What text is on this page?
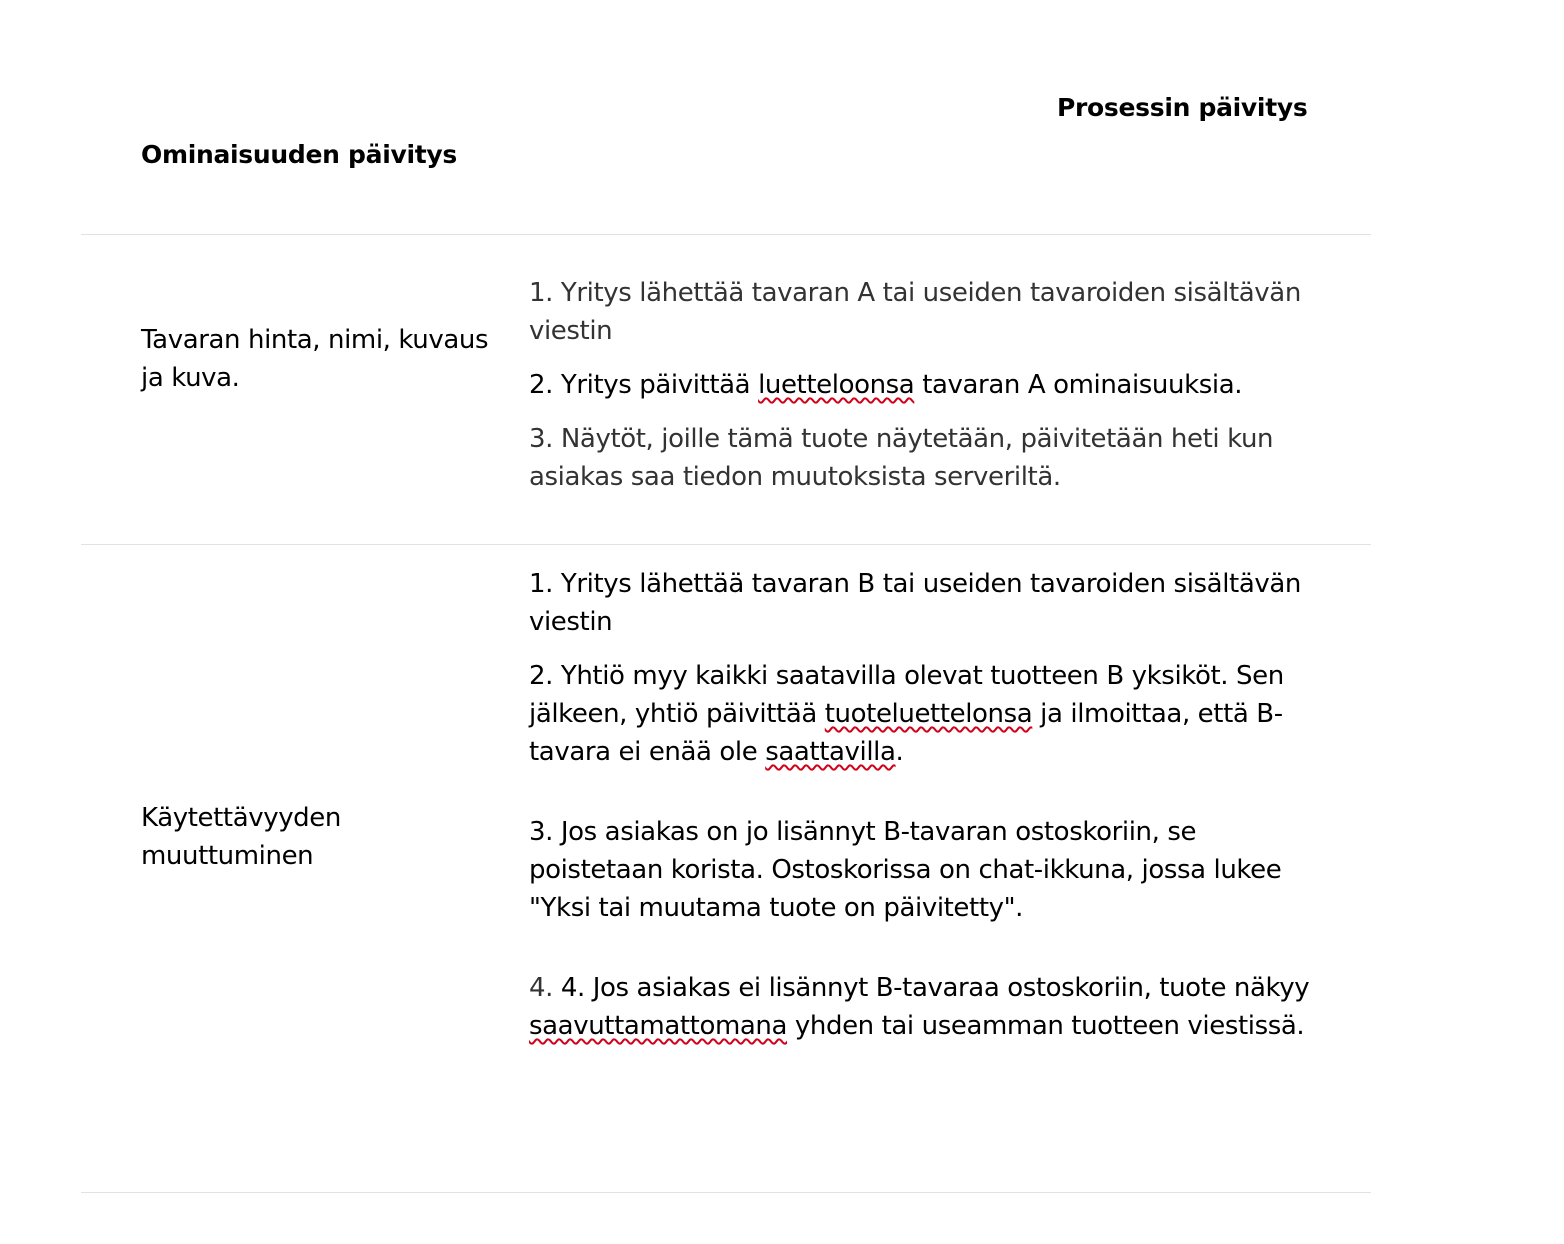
Prosessin päivitys
Ominaisuuden päivitys
Tavaran hinta, nimi, kuvaus ja kuva.

1. Yritys lähettää tavaran A tai useiden tavaroiden sisältävän viestin

2. Yritys päivittää luetteloonsa tavaran A ominaisuuksia.

3. Näytöt, joille tämä tuote näytetään, päivitetään heti kun asiakas saa tiedon muutoksista serveriltä.

Käytettävyyden muuttuminen

1. Yritys lähettää tavaran B tai useiden tavaroiden sisältävän viestin

2. Yhtiö myy kaikki saatavilla olevat tuotteen B yksiköt. Sen jälkeen, yhtiö päivittää tuoteluettelonsa ja ilmoittaa, että B-tavara ei enää ole saattavilla.

3. Jos asiakas on jo lisännyt B-tavaran ostoskoriin, se poistetaan korista. Ostoskorissa on chat-ikkuna, jossa lukee "Yksi tai muutama tuote on päivitetty".

4. 4. Jos asiakas ei lisännyt B-tavaraa ostoskoriin, tuote näkyy saavuttamattomana yhden tai useamman tuotteen viestissä.
